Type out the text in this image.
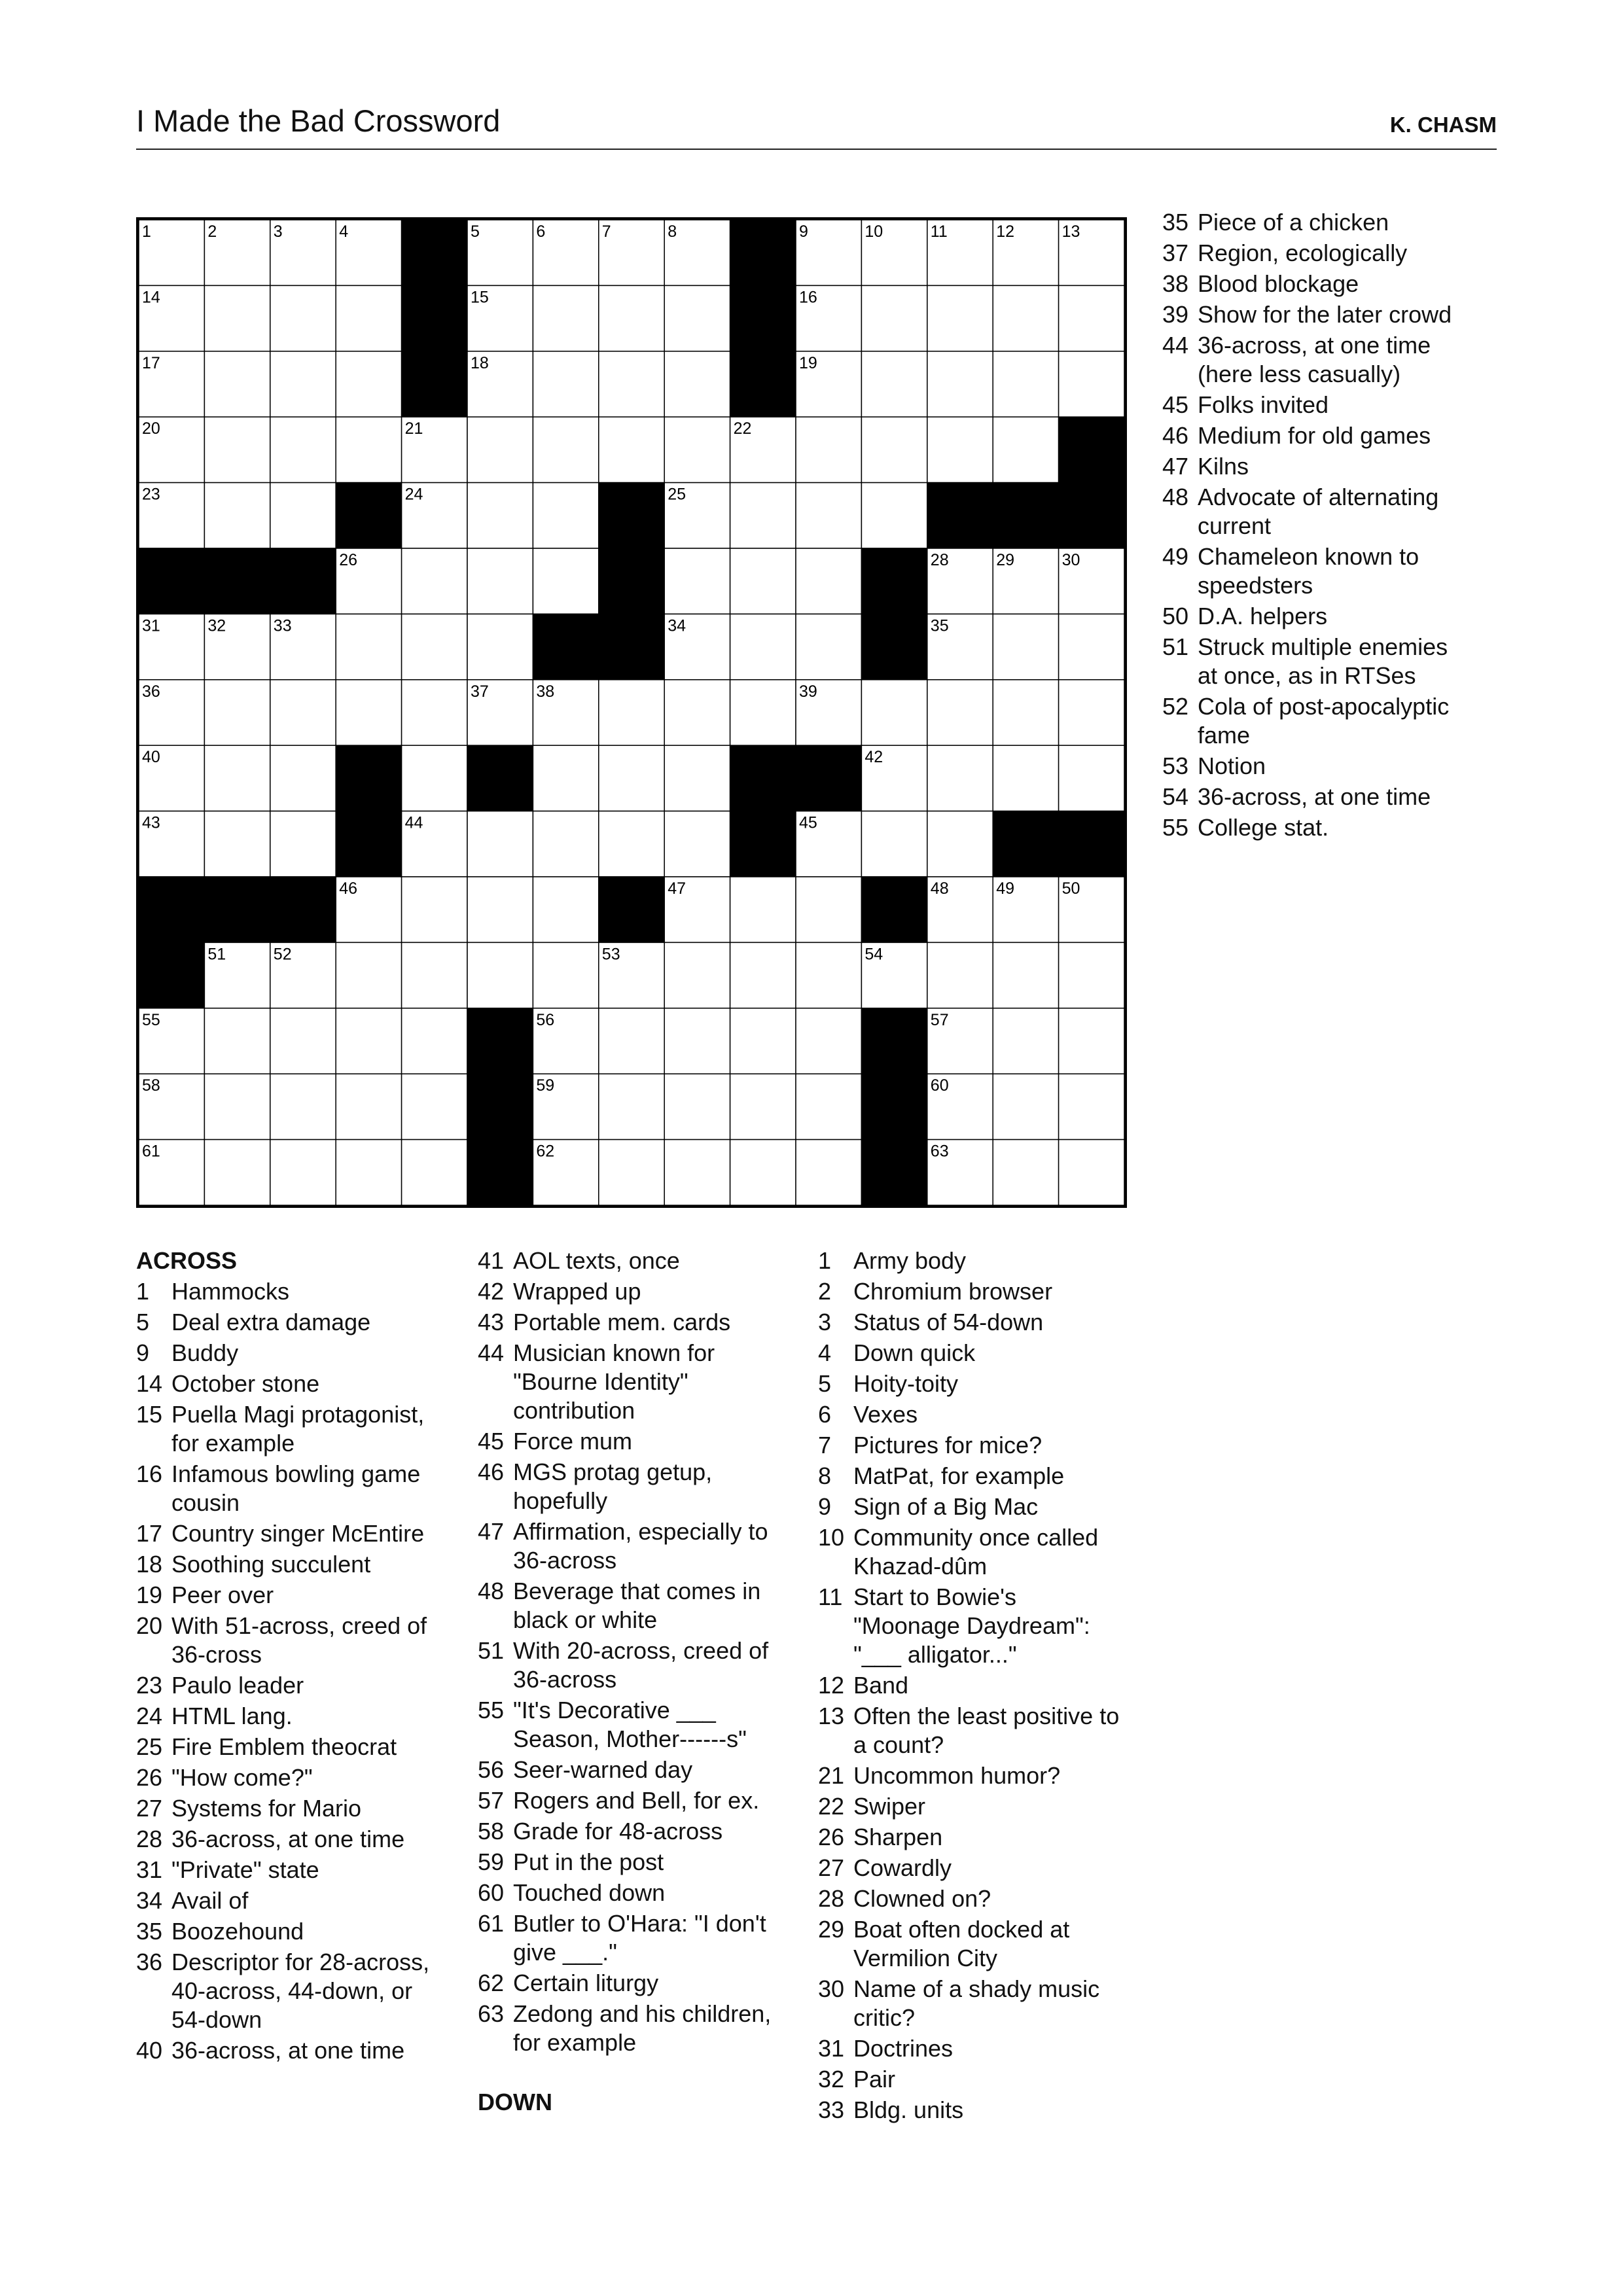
I Made the Bad Crossword	K. CHASM
1	2	3	4	5	6	7	8	9	10	11	12	13
14	15	16
17	18	19
20	21	22
23	24	25
26	28	29	30
31	32	33	34	35
36	37	38	39
40	42
43	44	45
46	47	48	49	50
51	52	53	54
55	56	57
58	59	60
61	62	63
ACROSS
1 Hammocks
5 Deal extra damage
9 Buddy
14 October stone
15 Puella Magi protagonist, for example
16 Infamous bowling game cousin
17 Country singer McEntire
18 Soothing succulent
19 Peer over
20 With 51-across, creed of 36-cross
23 Paulo leader
24 HTML lang.
25 Fire Emblem theocrat
26 "How come?"
27 Systems for Mario
28 36-across, at one time
31 "Private" state
34 Avail of
35 Boozehound
36 Descriptor for 28-across, 40-across, 44-down, or 54-down
40 36-across, at one time
41 AOL texts, once
42 Wrapped up
43 Portable mem. cards
44 Musician known for "Bourne Identity" contribution
45 Force mum
46 MGS protag getup, hopefully
47 Affirmation, especially to 36-across
48 Beverage that comes in black or white
51 With 20-across, creed of 36-across
55 "It's Decorative ___ Season, Mother------s"
56 Seer-warned day
57 Rogers and Bell, for ex.
58 Grade for 48-across
59 Put in the post
60 Touched down
61 Butler to O'Hara: "I don't give ___."
62 Certain liturgy
63 Zedong and his children, for example
DOWN
1 Army body
2 Chromium browser
3 Status of 54-down
4 Down quick
5 Hoity-toity
6 Vexes
7 Pictures for mice?
8 MatPat, for example
9 Sign of a Big Mac
10 Community once called Khazad-dûm
11 Start to Bowie's "Moonage Daydream": "___ alligator..."
12 Band
13 Often the least positive to a count?
21 Uncommon humor?
22 Swiper
26 Sharpen
27 Cowardly
28 Clowned on?
29 Boat often docked at Vermilion City
30 Name of a shady music critic?
31 Doctrines
32 Pair
33 Bldg. units
35 Piece of a chicken
37 Region, ecologically
38 Blood blockage
39 Show for the later crowd
44 36-across, at one time (here less casually)
45 Folks invited
46 Medium for old games
47 Kilns
48 Advocate of alternating current
49 Chameleon known to speedsters
50 D.A. helpers
51 Struck multiple enemies at once, as in RTSes
52 Cola of post-apocalyptic fame
53 Notion
54 36-across, at one time
55 College stat.
